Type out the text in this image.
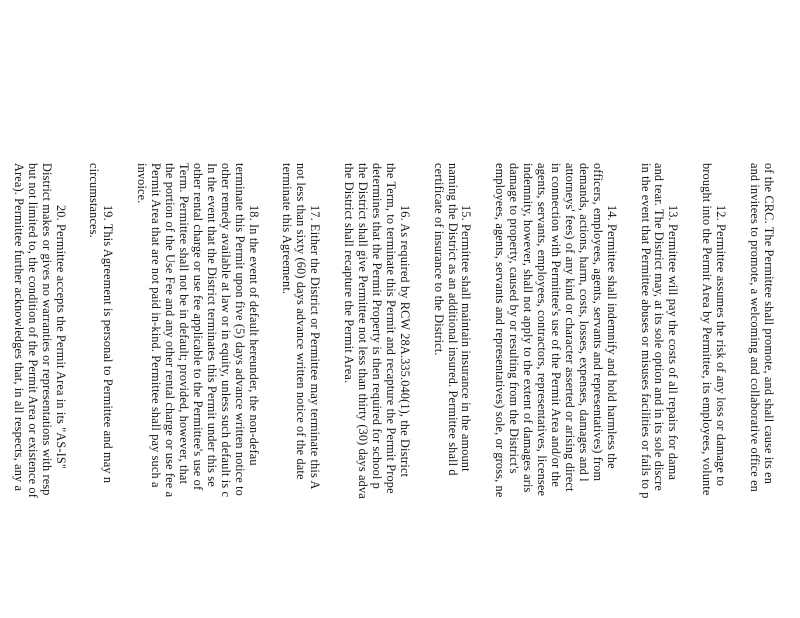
of the CRC. The Permittee shall promote, and shall cause its en
and invitees to promote, a welcoming and collaborative office en
12. Permittee assumes the risk of any loss or damage to
brought into the Permit Area by Permittee, its employees, volunte
13. Permittee will pay the costs of all repairs for dama
and tear. The District may, at its sole option and in its sole discre
in the event that Permittee abuses or misuses facilities or fails to p
14. Permittee shall indemnify and hold harmless the
officers, employees, agents, servants and representatives) from
demands, actions, harm, costs, losses, expenses, damages and l
attorneys' fees) of any kind or character asserted or arising direct
in connection with Permittee's use of the Permit Area and/or the
agents, servants, employees, contractors, representatives, licensee
indemnity, however, shall not apply to the extent of damages aris
damage to property, caused by or resulting from the District's
employees, agents, servants and representatives) sole, or gross, ne
15. Permittee shall maintain insurance in the amount
naming the District as an additional insured. Permittee shall d
certificate of insurance to the District.
16. As required by RCW 28A.335.040(1), the District
the Term, to terminate this Permit and recapture the Permit Prope
determines that the Permit Property is then required for school p
the District shall give Permittee not less than thirty (30) days adva
the District shall recapture the Permit Area.
17. Either the District or Permittee may terminate this A
not less than sixty (60) days advance written notice of the date
terminate this Agreement.
18. In the event of default hereunder, the non-defau
terminate this Permit upon five (5) days advance written notice to
other remedy available at law or in equity, unless such default is c
In the event that the District terminates this Permit under this se
other rental charge or use fee applicable to the Permittee's use of
Term. Permittee shall not be in default; provided, however, that
the portion of the Use Fee and any other rental charge or use fee a
Permit Area that are not paid in-kind. Permittee shall pay such a
invoice.
19. This Agreement is personal to Permittee and may n
circumstances.
20. Permittee accepts the Permit Area in its "AS-IS"
District makes or gives no warranties or representations with resp
but not limited to, the condition of the Permit Area or existence of
Area). Permittee further acknowledges that, in all respects, any a
